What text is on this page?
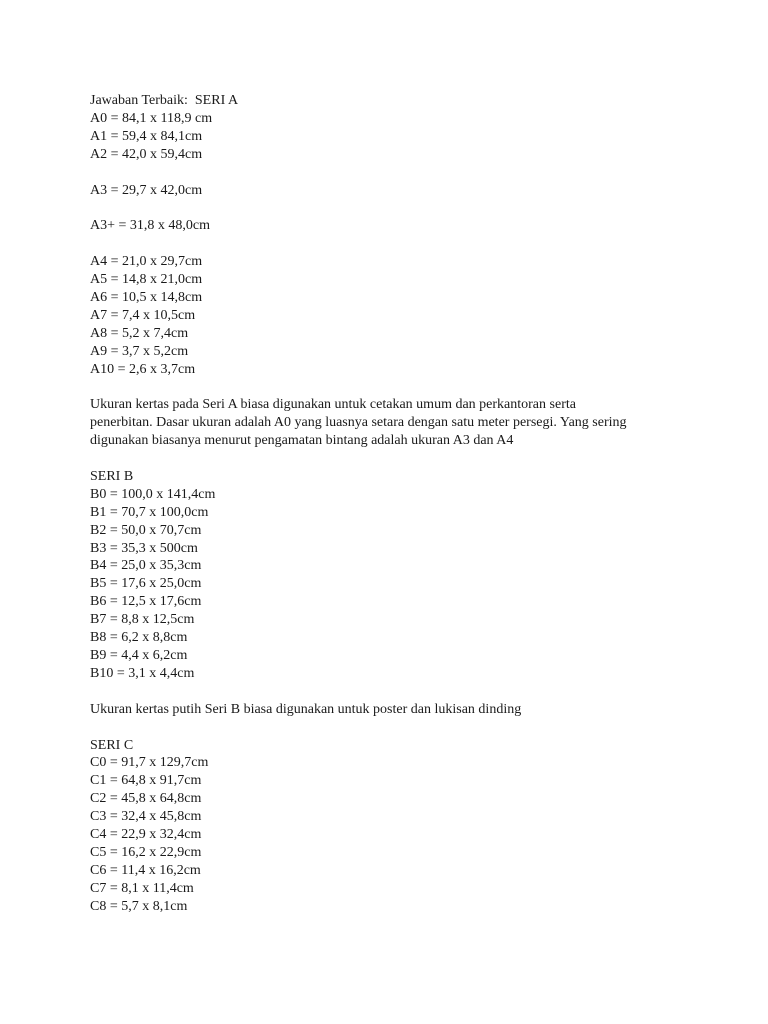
Jawaban Terbaik:  SERI A

A0 = 84,1 x 118,9 cm

A1 = 59,4 x 84,1cm

A2 = 42,0 x 59,4cm

A3 = 29,7 x 42,0cm

A3+ = 31,8 x 48,0cm

A4 = 21,0 x 29,7cm

A5 = 14,8 x 21,0cm

A6 = 10,5 x 14,8cm

A7 = 7,4 x 10,5cm

A8 = 5,2 x 7,4cm

A9 = 3,7 x 5,2cm

A10 = 2,6 x 3,7cm

Ukuran kertas pada Seri A biasa digunakan untuk cetakan umum dan perkantoran serta

penerbitan. Dasar ukuran adalah A0 yang luasnya setara dengan satu meter persegi. Yang sering

digunakan biasanya menurut pengamatan bintang adalah ukuran A3 dan A4

SERI B

B0 = 100,0 x 141,4cm

B1 = 70,7 x 100,0cm

B2 = 50,0 x 70,7cm

B3 = 35,3 x 500cm

B4 = 25,0 x 35,3cm

B5 = 17,6 x 25,0cm

B6 = 12,5 x 17,6cm

B7 = 8,8 x 12,5cm

B8 = 6,2 x 8,8cm

B9 = 4,4 x 6,2cm

B10 = 3,1 x 4,4cm

Ukuran kertas putih Seri B biasa digunakan untuk poster dan lukisan dinding

SERI C

C0 = 91,7 x 129,7cm

C1 = 64,8 x 91,7cm

C2 = 45,8 x 64,8cm

C3 = 32,4 x 45,8cm

C4 = 22,9 x 32,4cm

C5 = 16,2 x 22,9cm

C6 = 11,4 x 16,2cm

C7 = 8,1 x 11,4cm

C8 = 5,7 x 8,1cm
